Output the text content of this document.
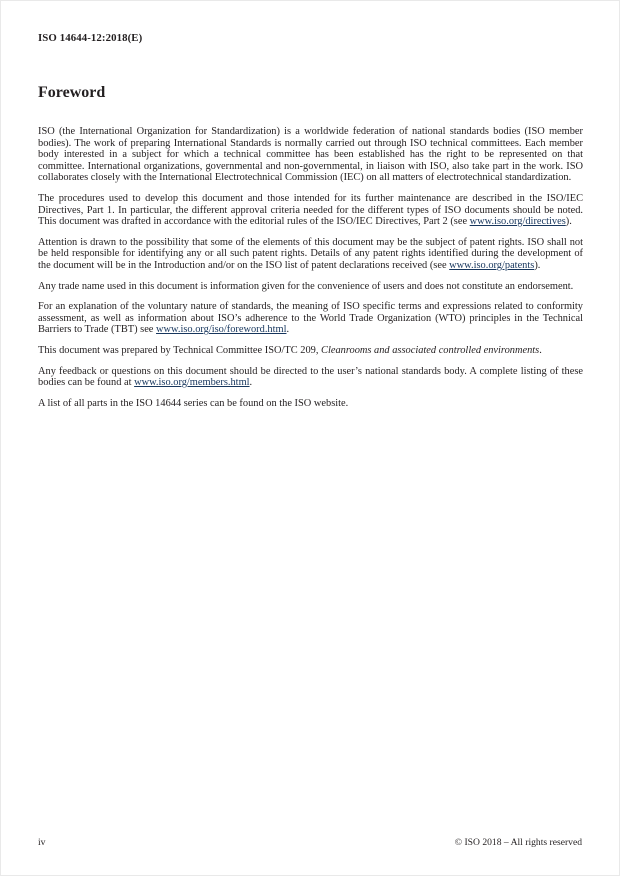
ISO 14644-12:2018(E)
Foreword

ISO (the International Organization for Standardization) is a worldwide federation of national standards bodies (ISO member bodies). The work of preparing International Standards is normally carried out through ISO technical committees. Each member body interested in a subject for which a technical committee has been established has the right to be represented on that committee. International organizations, governmental and non-governmental, in liaison with ISO, also take part in the work. ISO collaborates closely with the International Electrotechnical Commission (IEC) on all matters of electrotechnical standardization.

The procedures used to develop this document and those intended for its further maintenance are described in the ISO/IEC Directives, Part 1. In particular, the different approval criteria needed for the different types of ISO documents should be noted. This document was drafted in accordance with the editorial rules of the ISO/IEC Directives, Part 2 (see www.iso.org/directives).

Attention is drawn to the possibility that some of the elements of this document may be the subject of patent rights. ISO shall not be held responsible for identifying any or all such patent rights. Details of any patent rights identified during the development of the document will be in the Introduction and/or on the ISO list of patent declarations received (see www.iso.org/patents).

Any trade name used in this document is information given for the convenience of users and does not constitute an endorsement.

For an explanation of the voluntary nature of standards, the meaning of ISO specific terms and expressions related to conformity assessment, as well as information about ISO’s adherence to the World Trade Organization (WTO) principles in the Technical Barriers to Trade (TBT) see www.iso.org/iso/foreword.html.

This document was prepared by Technical Committee ISO/TC 209, Cleanrooms and associated controlled environments.

Any feedback or questions on this document should be directed to the user’s national standards body. A complete listing of these bodies can be found at www.iso.org/members.html.

A list of all parts in the ISO 14644 series can be found on the ISO website.

iv	© ISO 2018 – All rights reserved
